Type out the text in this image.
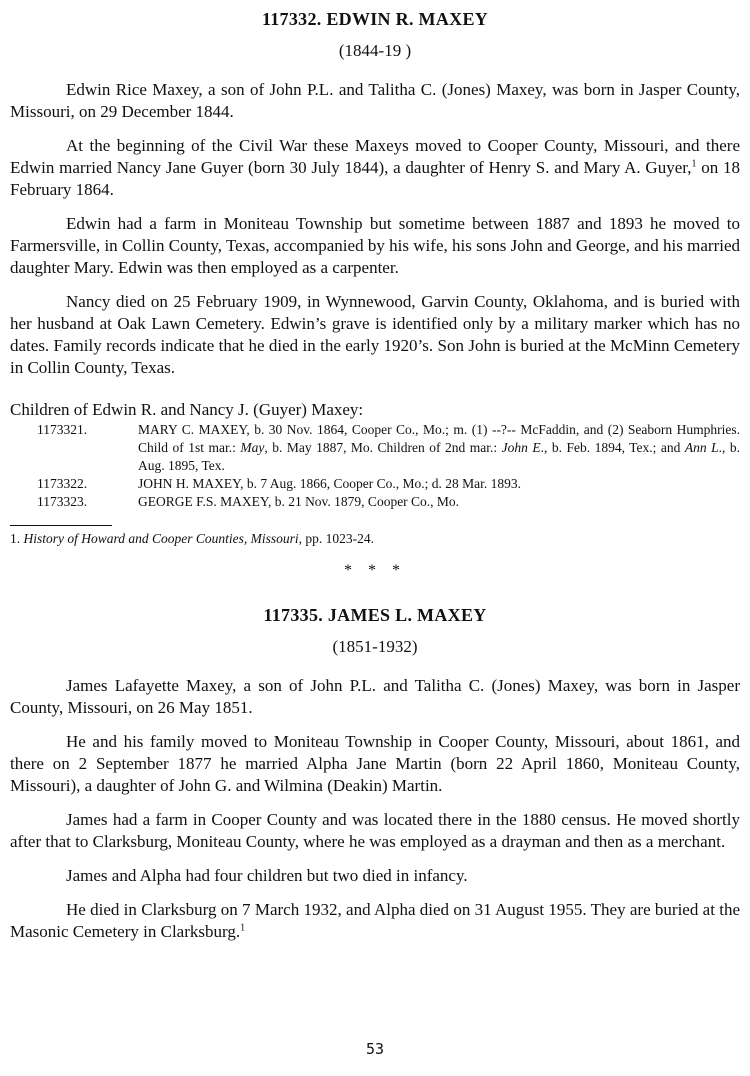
117332. EDWIN R. MAXEY

(1844-19 )

Edwin Rice Maxey, a son of John P.L. and Talitha C. (Jones) Maxey, was born in Jasper County, Missouri, on 29 December 1844.

At the beginning of the Civil War these Maxeys moved to Cooper County, Missouri, and there Edwin married Nancy Jane Guyer (born 30 July 1844), a daughter of Henry S. and Mary A. Guyer,$^1$ on 18 February 1864.

Edwin had a farm in Moniteau Township but sometime between 1887 and 1893 he moved to Farmersville, in Collin County, Texas, accompanied by his wife, his sons John and George, and his married daughter Mary. Edwin was then employed as a carpenter.

Nancy died on 25 February 1909, in Wynnewood, Garvin County, Oklahoma, and is buried with her husband at Oak Lawn Cemetery. Edwin’s grave is identified only by a military marker which has no dates. Family records indicate that he died in the early 1920’s. Son John is buried at the McMinn Cemetery in Collin County, Texas.

Children of Edwin R. and Nancy J. (Guyer) Maxey:

1173321.	MARY C. MAXEY, b. 30 Nov. 1864, Cooper Co., Mo.; m. (1) --?-- McFaddin, and (2) Seaborn Humphries. Child of 1st mar.: May, b. May 1887, Mo. Children of 2nd mar.: John E., b. Feb. 1894, Tex.; and Ann L., b. Aug. 1895, Tex.
1173322.	JOHN H. MAXEY, b. 7 Aug. 1866, Cooper Co., Mo.; d. 28 Mar. 1893.
1173323.	GEORGE F.S. MAXEY, b. 21 Nov. 1879, Cooper Co., Mo.

1. History of Howard and Cooper Counties, Missouri, pp. 1023-24.

* * *

117335. JAMES L. MAXEY

(1851-1932)

James Lafayette Maxey, a son of John P.L. and Talitha C. (Jones) Maxey, was born in Jasper County, Missouri, on 26 May 1851.

He and his family moved to Moniteau Township in Cooper County, Missouri, about 1861, and there on 2 September 1877 he married Alpha Jane Martin (born 22 April 1860, Moniteau County, Missouri), a daughter of John G. and Wilmina (Deakin) Martin.

James had a farm in Cooper County and was located there in the 1880 census. He moved shortly after that to Clarksburg, Moniteau County, where he was employed as a drayman and then as a merchant.

James and Alpha had four children but two died in infancy.

He died in Clarksburg on 7 March 1932, and Alpha died on 31 August 1955. They are buried at the Masonic Cemetery in Clarksburg.$^1$

53
